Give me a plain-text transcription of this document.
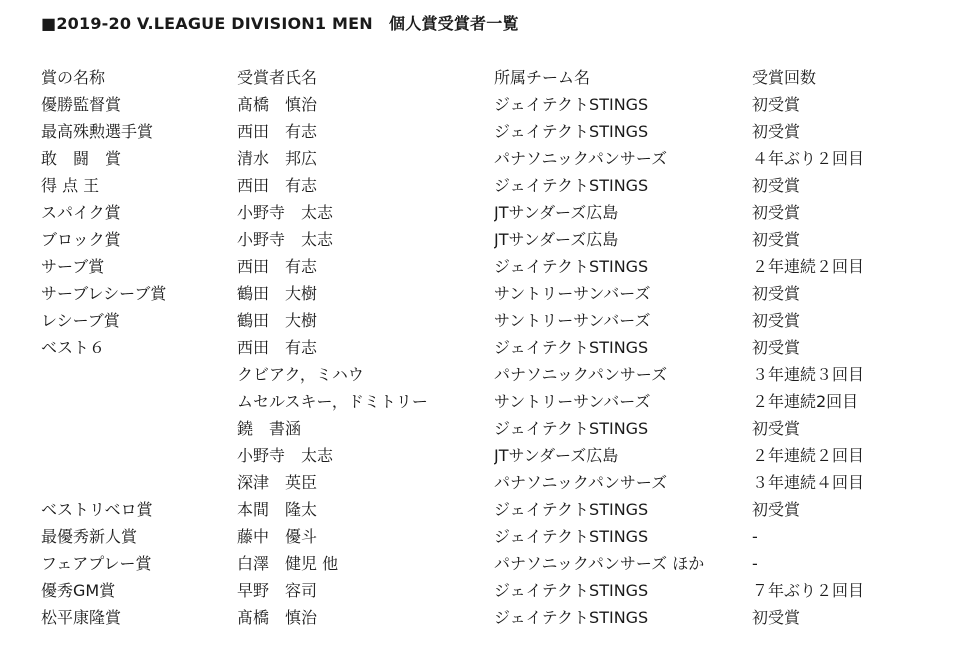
■2019-20 V.LEAGUE DIVISION1 MEN　個人賞受賞者一覧
賞の名称	受賞者氏名	所属チーム名	受賞回数
優勝監督賞	髙橋　慎治	ジェイテクトSTINGS	初受賞
最高殊勲選手賞	西田　有志	ジェイテクトSTINGS	初受賞
敢　闘　賞	清水　邦広	パナソニックパンサーズ	４年ぶり２回目
得 点 王	西田　有志	ジェイテクトSTINGS	初受賞
スパイク賞	小野寺　太志	JTサンダーズ広島	初受賞
ブロック賞	小野寺　太志	JTサンダーズ広島	初受賞
サーブ賞	西田　有志	ジェイテクトSTINGS	２年連続２回目
サーブレシーブ賞	鶴田　大樹	サントリーサンバーズ	初受賞
レシーブ賞	鶴田　大樹	サントリーサンバーズ	初受賞
ベスト６	西田　有志	ジェイテクトSTINGS	初受賞
	クビアク，ミハウ	パナソニックパンサーズ	３年連続３回目
	ムセルスキー，ドミトリー	サントリーサンバーズ	２年連続2回目
	鐃　書涵	ジェイテクトSTINGS	初受賞
	小野寺　太志	JTサンダーズ広島	２年連続２回目
	深津　英臣	パナソニックパンサーズ	３年連続４回目
ベストリベロ賞	本間　隆太	ジェイテクトSTINGS	初受賞
最優秀新人賞	藤中　優斗	ジェイテクトSTINGS	-
フェアプレー賞	白澤　健児 他	パナソニックパンサーズ ほか	-
優秀GM賞	早野　容司	ジェイテクトSTINGS	７年ぶり２回目
松平康隆賞	髙橋　慎治	ジェイテクトSTINGS	初受賞
